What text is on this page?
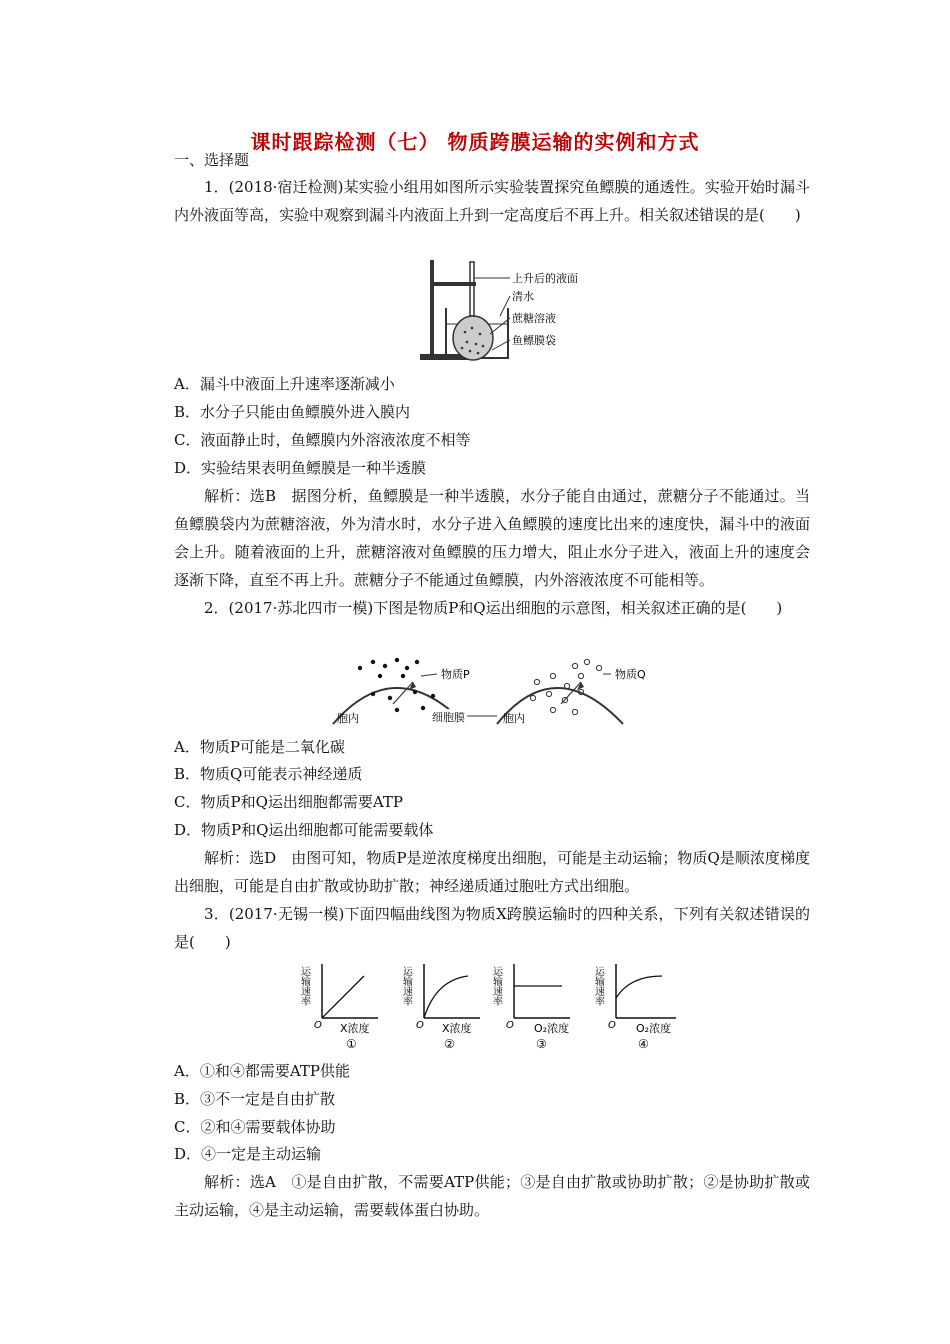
课时跟踪检测（七） 物质跨膜运输的实例和方式
一、选择题
1．(2018·宿迁检测)某实验小组用如图所示实验装置探究鱼鳔膜的通透性。实验开始时漏斗内外液面等高，实验中观察到漏斗内液面上升到一定高度后不再上升。相关叙述错误的是(　　)
上升后的液面
清水
蔗糖溶液
鱼鳔膜袋
A．漏斗中液面上升速率逐渐减小
B．水分子只能由鱼鳔膜外进入膜内
C．液面静止时，鱼鳔膜内外溶液浓度不相等
D．实验结果表明鱼鳔膜是一种半透膜
解析：选B　据图分析，鱼鳔膜是一种半透膜，水分子能自由通过，蔗糖分子不能通过。当鱼鳔膜袋内为蔗糖溶液，外为清水时，水分子进入鱼鳔膜的速度比出来的速度快，漏斗中的液面会上升。随着液面的上升，蔗糖溶液对鱼鳔膜的压力增大，阻止水分子进入，液面上升的速度会逐渐下降，直至不再上升。蔗糖分子不能通过鱼鳔膜，内外溶液浓度不可能相等。
2．(2017·苏北四市一模)下图是物质P和Q运出细胞的示意图，相关叙述正确的是(　　)
物质P
胞内
物质Q
胞内
细胞膜
A．物质P可能是二氧化碳
B．物质Q可能表示神经递质
C．物质P和Q运出细胞都需要ATP
D．物质P和Q运出细胞都可能需要载体
解析：选D　由图可知，物质P是逆浓度梯度出细胞，可能是主动运输；物质Q是顺浓度梯度出细胞，可能是自由扩散或协助扩散；神经递质通过胞吐方式出细胞。
3．(2017·无锡一模)下面四幅曲线图为物质X跨膜运输时的四种关系，下列有关叙述错误的是(　　)
运输速率
O X浓度
①
运输速率
O X浓度
②
运输速率
O O₂浓度
③
运输速率
O O₂浓度
④
A．①和④都需要ATP供能
B．③不一定是自由扩散
C．②和④需要载体协助
D．④一定是主动运输
解析：选A　①是自由扩散，不需要ATP供能；③是自由扩散或协助扩散；②是协助扩散或主动运输，④是主动运输，需要载体蛋白协助。
